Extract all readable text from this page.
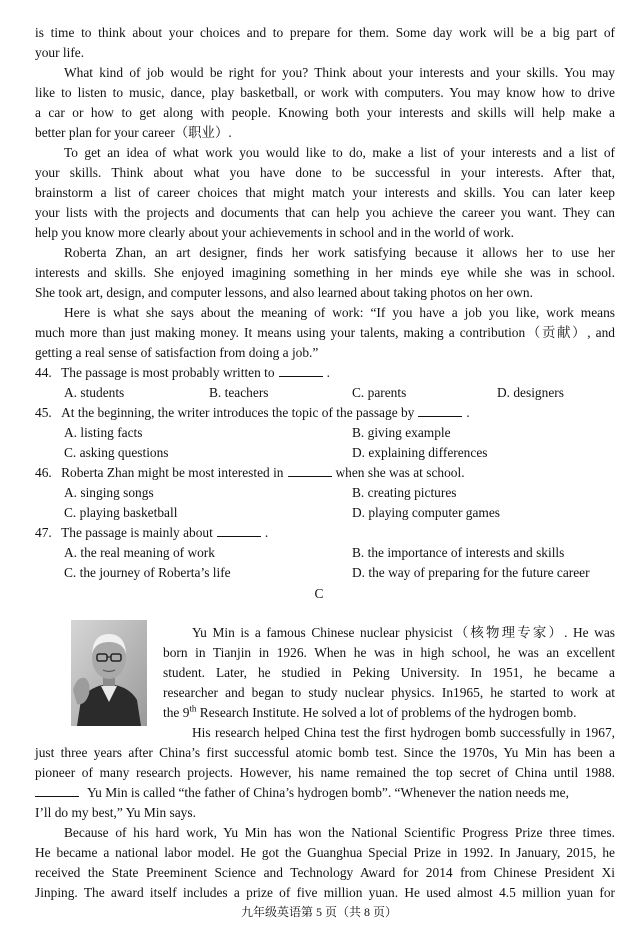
is time to think about your choices and to prepare for them. Some day work will be a big part of
your life.
What kind of job would be right for you? Think about your interests and your skills. You may
like to listen to music, dance, play basketball, or work with computers. You may know how to drive
a car or how to get along with people. Knowing both your interests and skills will help make a
better plan for your career（职业）.
To get an idea of what work you would like to do, make a list of your interests and a list of
your skills. Think about what you have done to be successful in your interests. After that,
brainstorm a list of career choices that might match your interests and skills. You can later keep
your lists with the projects and documents that can help you achieve the career you want. They can
help you know more clearly about your achievements in school and in the world of work.
Roberta Zhan, an art designer, finds her work satisfying because it allows her to use her
interests and skills. She enjoyed imagining something in her minds eye while she was in school.
She took art, design, and computer lessons, and also learned about taking photos on her own.
Here is what she says about the meaning of work: “If you have a job you like, work means
much more than just making money. It means using your talents, making a contribution（贡献）, and
getting a real sense of satisfaction from doing a job.”
44. The passage is most probably written to	.
A. students	B. teachers	C. parents	D. designers
45. At the beginning, the writer introduces the topic of the passage by	.
A. listing facts	B. giving example
C. asking questions	D. explaining differences
46. Roberta Zhan might be most interested in	when she was at school.
A. singing songs	B. creating pictures
C. playing basketball	D. playing computer games
47. The passage is mainly about	.
A. the real meaning of work	B. the importance of interests and skills
C. the journey of Roberta’s life	D. the way of preparing for the future career
C
Yu Min is a famous Chinese nuclear physicist（核物理专家）. He was
born in Tianjin in 1926. When he was in high school, he was an excellent
student. Later, he studied in Peking University. In 1951, he became a
researcher and began to study nuclear physics. In1965, he started to work at
the 9th Research Institute. He solved a lot of problems of the hydrogen bomb.
His research helped China test the first hydrogen bomb successfully in 1967,
just three years after China’s first successful atomic bomb test. Since the 1970s, Yu Min has been a
pioneer of many research projects. However, his name remained the top secret of China until 1988.
Yu Min is called “the father of China’s hydrogen bomb”. “Whenever the nation needs me,
I’ll do my best,” Yu Min says.
Because of his hard work, Yu Min has won the National Scientific Progress Prize three times.
He became a national labor model. He got the Guanghua Special Prize in 1992. In January, 2015, he
received the State Preeminent Science and Technology Award for 2014 from Chinese President Xi
Jinping. The award itself includes a prize of five million yuan. He used almost 4.5 million yuan for
九年级英语第 5 页（共 8 页）
